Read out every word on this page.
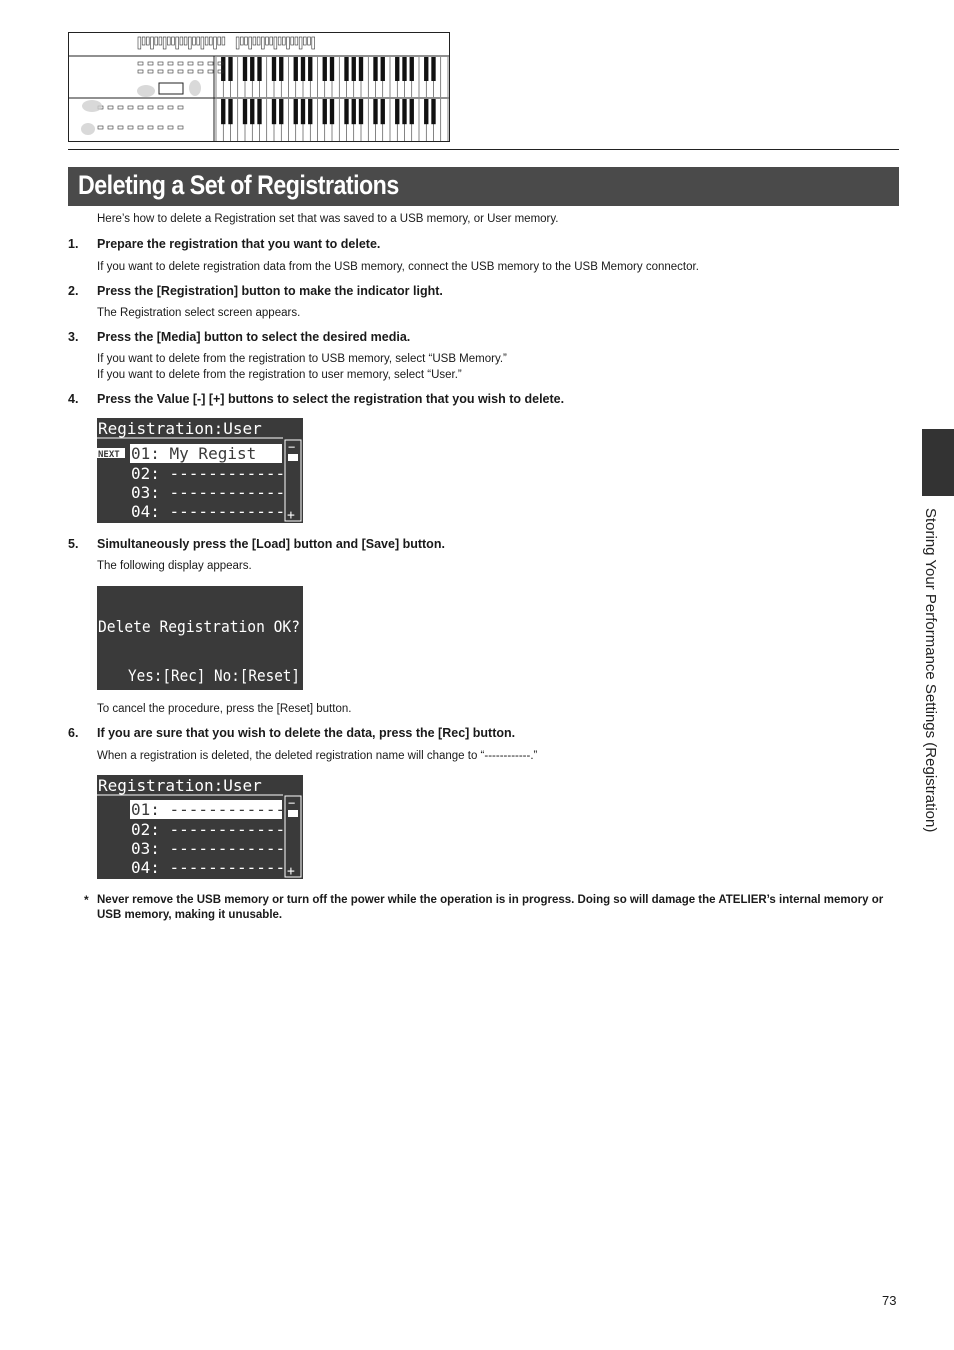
Deleting a Set of Registrations
Here’s how to delete a Registration set that was saved to a USB memory, or User memory.
1. Prepare the registration that you want to delete.
If you want to delete registration data from the USB memory, connect the USB memory to the USB Memory connector.
2. Press the [Registration] button to make the indicator light.
The Registration select screen appears.
3. Press the [Media] button to select the desired media.
If you want to delete from the registration to USB memory, select “USB Memory.”
If you want to delete from the registration to user memory, select “User.”
4. Press the Value [-] [+] buttons to select the registration that you wish to delete.
Registration:User
NEXT 01: My Regist
02: ------------
03: ------------
04: ------------
−
+
5. Simultaneously press the [Load] button and [Save] button.
The following display appears.
Delete Registration OK?
Yes:[Rec] No:[Reset]
To cancel the procedure, press the [Reset] button.
6. If you are sure that you wish to delete the data, press the [Rec] button.
When a registration is deleted, the deleted registration name will change to “------------.”
Registration:User
01: ------------
02: ------------
03: ------------
04: ------------
−
+
* Never remove the USB memory or turn off the power while the operation is in progress. Doing so will damage the ATELIER’s internal memory or USB memory, making it unusable.
Storing Your Performance Settings (Registration)
73
